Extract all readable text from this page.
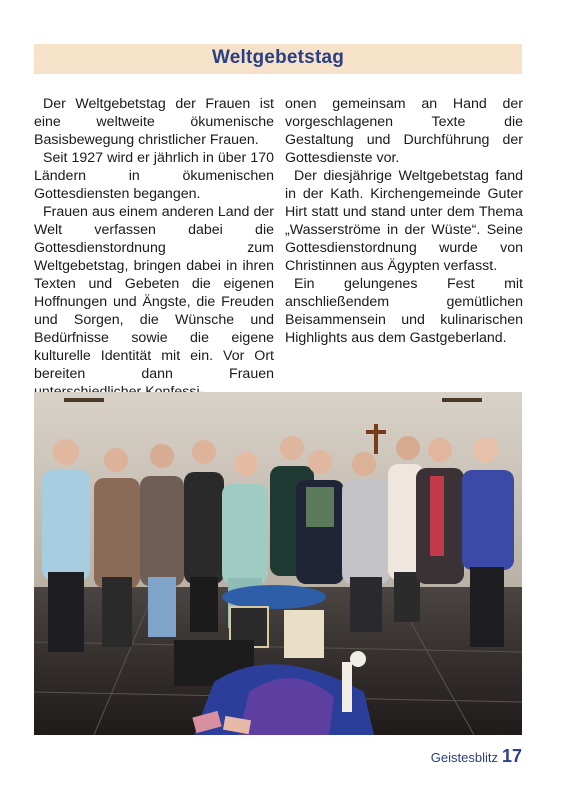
Weltgebetstag

Der Weltgebetstag der Frauen ist eine weltweite ökumenische Basisbewegung christlicher Frauen.

Seit 1927 wird er jährlich in über 170 Ländern in ökumenischen Gottesdiensten begangen.

Frauen aus einem anderen Land der Welt verfassen dabei die Gottesdienstordnung zum Weltgebetstag, bringen dabei in ihren Texten und Gebeten die eigenen Hoffnungen und Ängste, die Freuden und Sorgen, die Wünsche und Bedürfnisse sowie die eigene kulturelle Identität mit ein. Vor Ort bereiten dann Frauen

onen gemeinsam an Hand der vorgeschlagenen Texte die Gestaltung und Durchführung der Gottesdienste vor.

Der diesjährige Weltgebetstag fand in der Kath. Kirchengemeinde Guter Hirt statt und stand unter dem Thema „Wasserströme in der Wüste“. Seine Gottesdienstordnung wurde von Christinnen aus Ägypten verfasst.

Ein gelungenes Fest mit anschließendem gemütlichen Beisammensein und kulinarischen Highlights aus dem Gastgeberland.

Geistesblitz 17
